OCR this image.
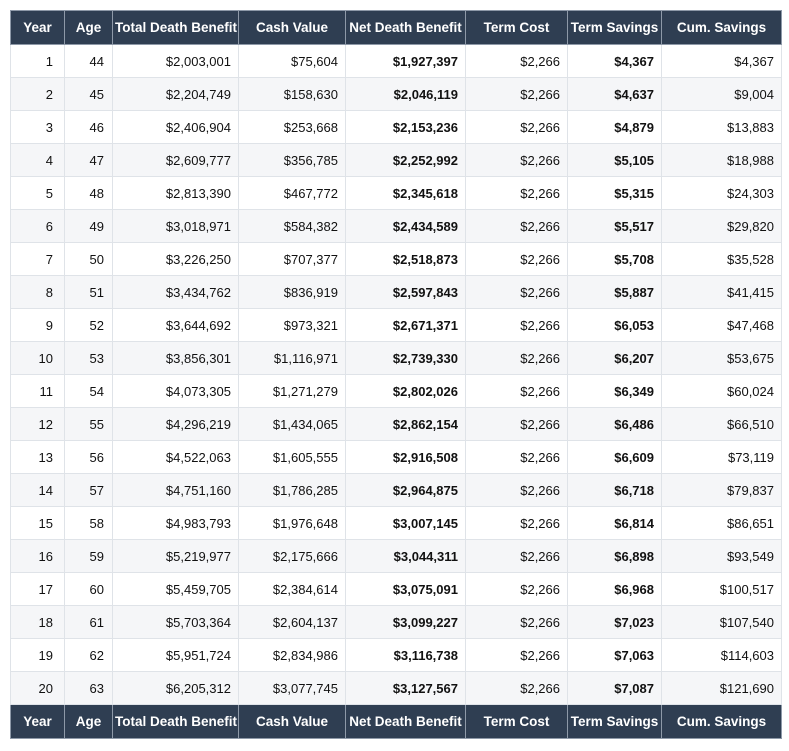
Year	Age	Total Death Benefit	Cash Value	Net Death Benefit	Term Cost	Term Savings	Cum. Savings
1	44	$2,003,001	$75,604	$1,927,397	$2,266	$4,367	$4,367
2	45	$2,204,749	$158,630	$2,046,119	$2,266	$4,637	$9,004
3	46	$2,406,904	$253,668	$2,153,236	$2,266	$4,879	$13,883
4	47	$2,609,777	$356,785	$2,252,992	$2,266	$5,105	$18,988
5	48	$2,813,390	$467,772	$2,345,618	$2,266	$5,315	$24,303
6	49	$3,018,971	$584,382	$2,434,589	$2,266	$5,517	$29,820
7	50	$3,226,250	$707,377	$2,518,873	$2,266	$5,708	$35,528
8	51	$3,434,762	$836,919	$2,597,843	$2,266	$5,887	$41,415
9	52	$3,644,692	$973,321	$2,671,371	$2,266	$6,053	$47,468
10	53	$3,856,301	$1,116,971	$2,739,330	$2,266	$6,207	$53,675
11	54	$4,073,305	$1,271,279	$2,802,026	$2,266	$6,349	$60,024
12	55	$4,296,219	$1,434,065	$2,862,154	$2,266	$6,486	$66,510
13	56	$4,522,063	$1,605,555	$2,916,508	$2,266	$6,609	$73,119
14	57	$4,751,160	$1,786,285	$2,964,875	$2,266	$6,718	$79,837
15	58	$4,983,793	$1,976,648	$3,007,145	$2,266	$6,814	$86,651
16	59	$5,219,977	$2,175,666	$3,044,311	$2,266	$6,898	$93,549
17	60	$5,459,705	$2,384,614	$3,075,091	$2,266	$6,968	$100,517
18	61	$5,703,364	$2,604,137	$3,099,227	$2,266	$7,023	$107,540
19	62	$5,951,724	$2,834,986	$3,116,738	$2,266	$7,063	$114,603
20	63	$6,205,312	$3,077,745	$3,127,567	$2,266	$7,087	$121,690
Year	Age	Total Death Benefit	Cash Value	Net Death Benefit	Term Cost	Term Savings	Cum. Savings
